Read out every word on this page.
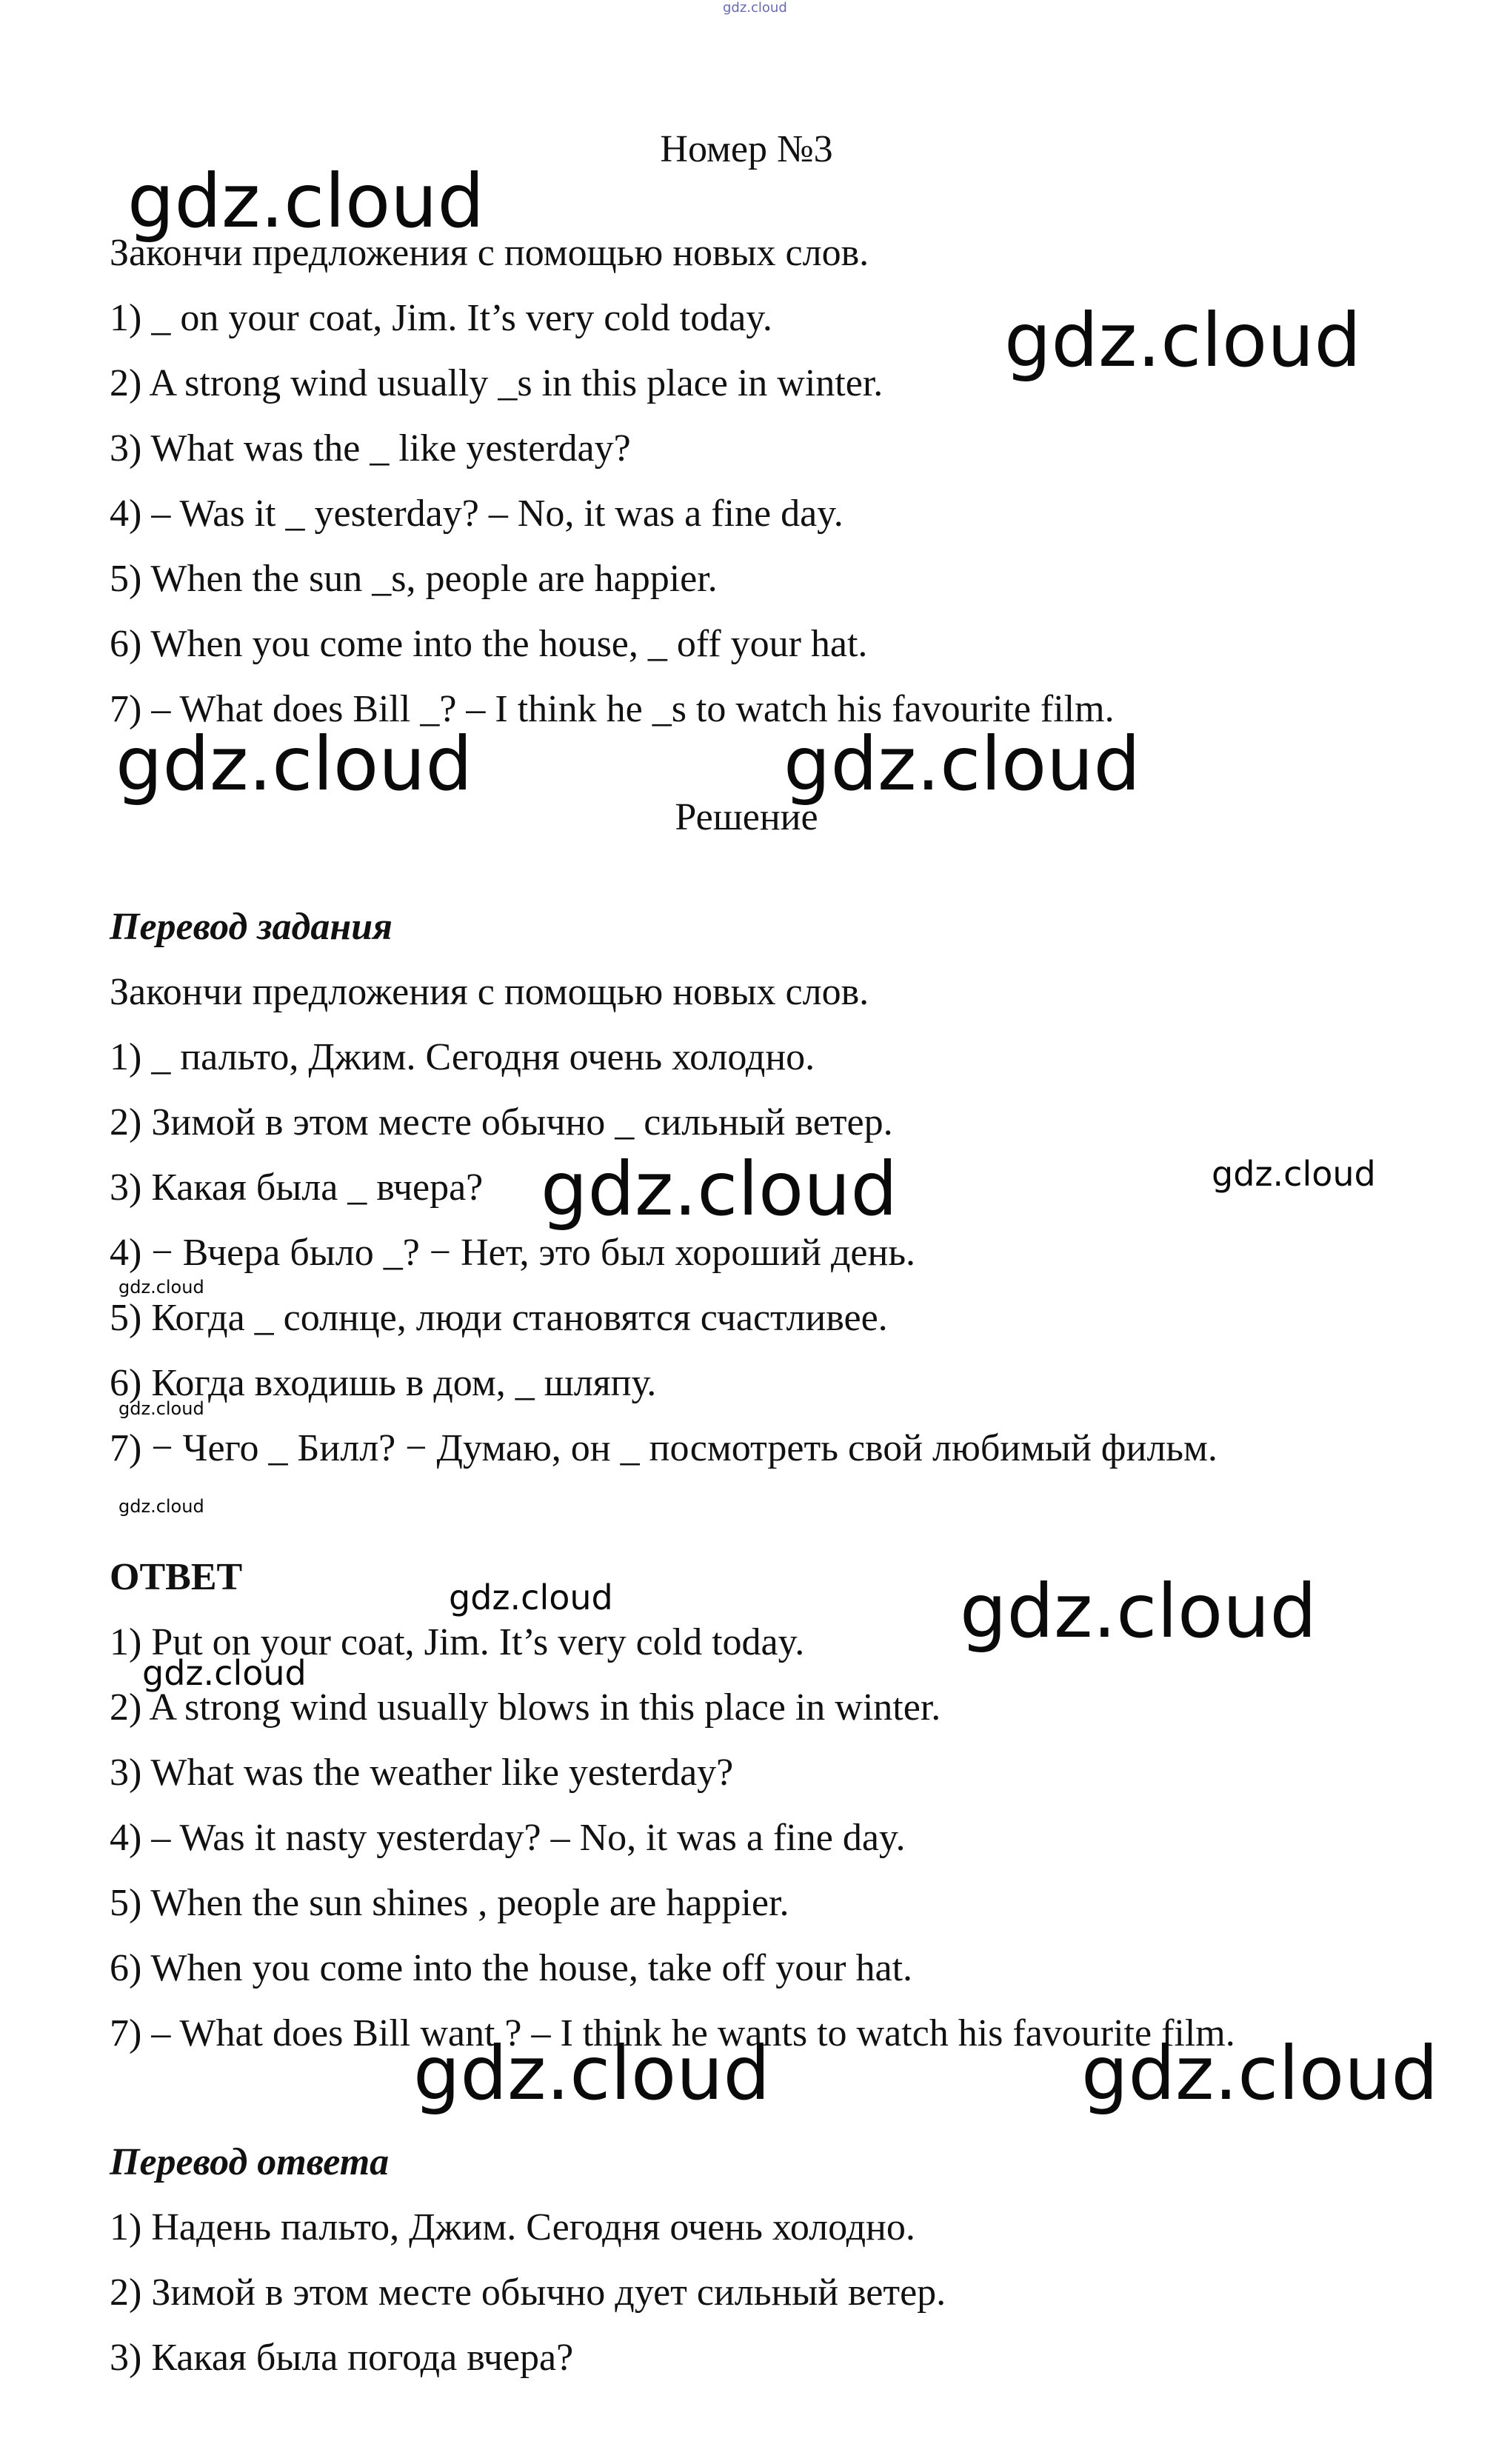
gdz.cloud
Номер №3
Закончи предложения с помощью новых слов.
1) _ on your coat, Jim. It’s very cold today.
2) A strong wind usually _s in this place in winter.
3) What was the _ like yesterday?
4) – Was it _ yesterday? – No, it was a fine day.
5) When the sun _s, people are happier.
6) When you come into the house, _ off your hat.
7) – What does Bill _? – I think he _s to watch his favourite film.
Решение
Перевод задания
Закончи предложения с помощью новых слов.
1) _ пальто, Джим. Сегодня очень холодно.
2) Зимой в этом месте обычно _ сильный ветер.
3) Какая была _ вчера?
4) − Вчера было _? − Нет, это был хороший день.
5) Когда _ солнце, люди становятся счастливее.
6) Когда входишь в дом, _ шляпу.
7) − Чего _ Билл? − Думаю, он _ посмотреть свой любимый фильм.
ОТВЕТ
1) Put on your coat, Jim. It’s very cold today.
2) A strong wind usually blows in this place in winter.
3) What was the weather like yesterday?
4) – Was it nasty yesterday? – No, it was a fine day.
5) When the sun shines , people are happier.
6) When you come into the house, take off your hat.
7) – What does Bill want ? – I think he wants to watch his favourite film.
Перевод ответа
1) Надень пальто, Джим. Сегодня очень холодно.
2) Зимой в этом месте обычно дует сильный ветер.
3) Какая была погода вчера?
gdz.cloud
gdz.cloud
gdz.cloud	gdz.cloud
gdz.cloud	gdz.cloud
gdz.cloud
gdz.cloud
gdz.cloud
gdz.cloud	gdz.cloud
gdz.cloud
gdz.cloud	gdz.cloud
